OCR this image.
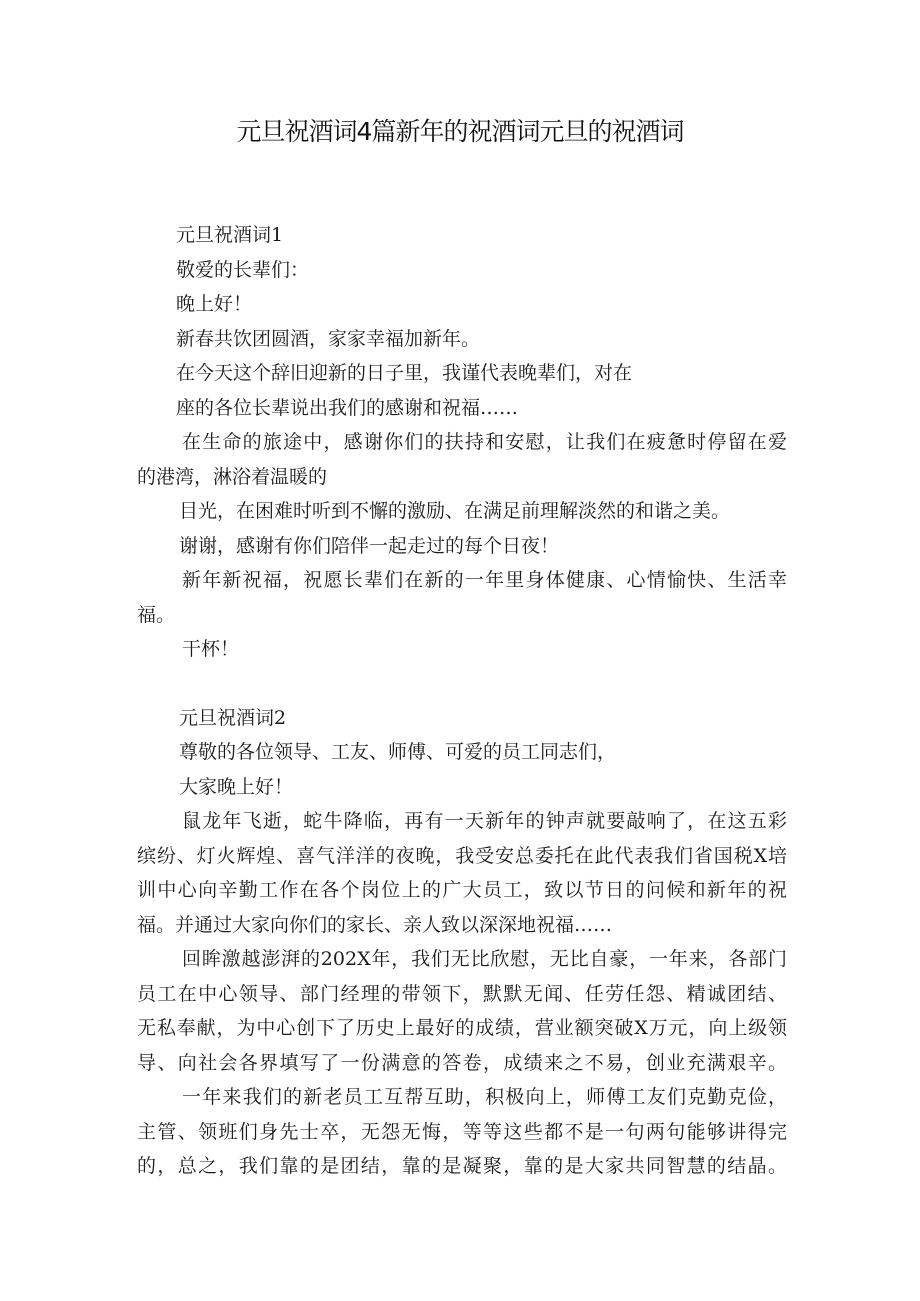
元旦祝酒词4篇新年的祝酒词元旦的祝酒词

元旦祝酒词1

敬爱的长辈们：

晚上好！

新春共饮团圆酒，家家幸福加新年。

在今天这个辞旧迎新的日子里，我谨代表晚辈们，对在

座的各位长辈说出我们的感谢和祝福……

在生命的旅途中，感谢你们的扶持和安慰，让我们在疲惫时停留在爱

的港湾，淋浴着温暖的

目光，在困难时听到不懈的激励、在满足前理解淡然的和谐之美。

谢谢，感谢有你们陪伴一起走过的每个日夜！

新年新祝福，祝愿长辈们在新的一年里身体健康、心情愉快、生活幸

福。

干杯！

元旦祝酒词2

尊敬的各位领导、工友、师傅、可爱的员工同志们，

大家晚上好！

鼠龙年飞逝，蛇牛降临，再有一天新年的钟声就要敲响了，在这五彩

缤纷、灯火辉煌、喜气洋洋的夜晚，我受安总委托在此代表我们省国税X培

训中心向辛勤工作在各个岗位上的广大员工，致以节日的问候和新年的祝

福。并通过大家向你们的家长、亲人致以深深地祝福……

回眸激越澎湃的202X年，我们无比欣慰，无比自豪，一年来，各部门

员工在中心领导、部门经理的带领下，默默无闻、任劳任怨、精诚团结、

无私奉献，为中心创下了历史上最好的成绩，营业额突破X万元，向上级领

导、向社会各界填写了一份满意的答卷，成绩来之不易，创业充满艰辛。

一年来我们的新老员工互帮互助，积极向上，师傅工友们克勤克俭，

主管、领班们身先士卒，无怨无悔，等等这些都不是一句两句能够讲得完

的，总之，我们靠的是团结，靠的是凝聚，靠的是大家共同智慧的结晶。
